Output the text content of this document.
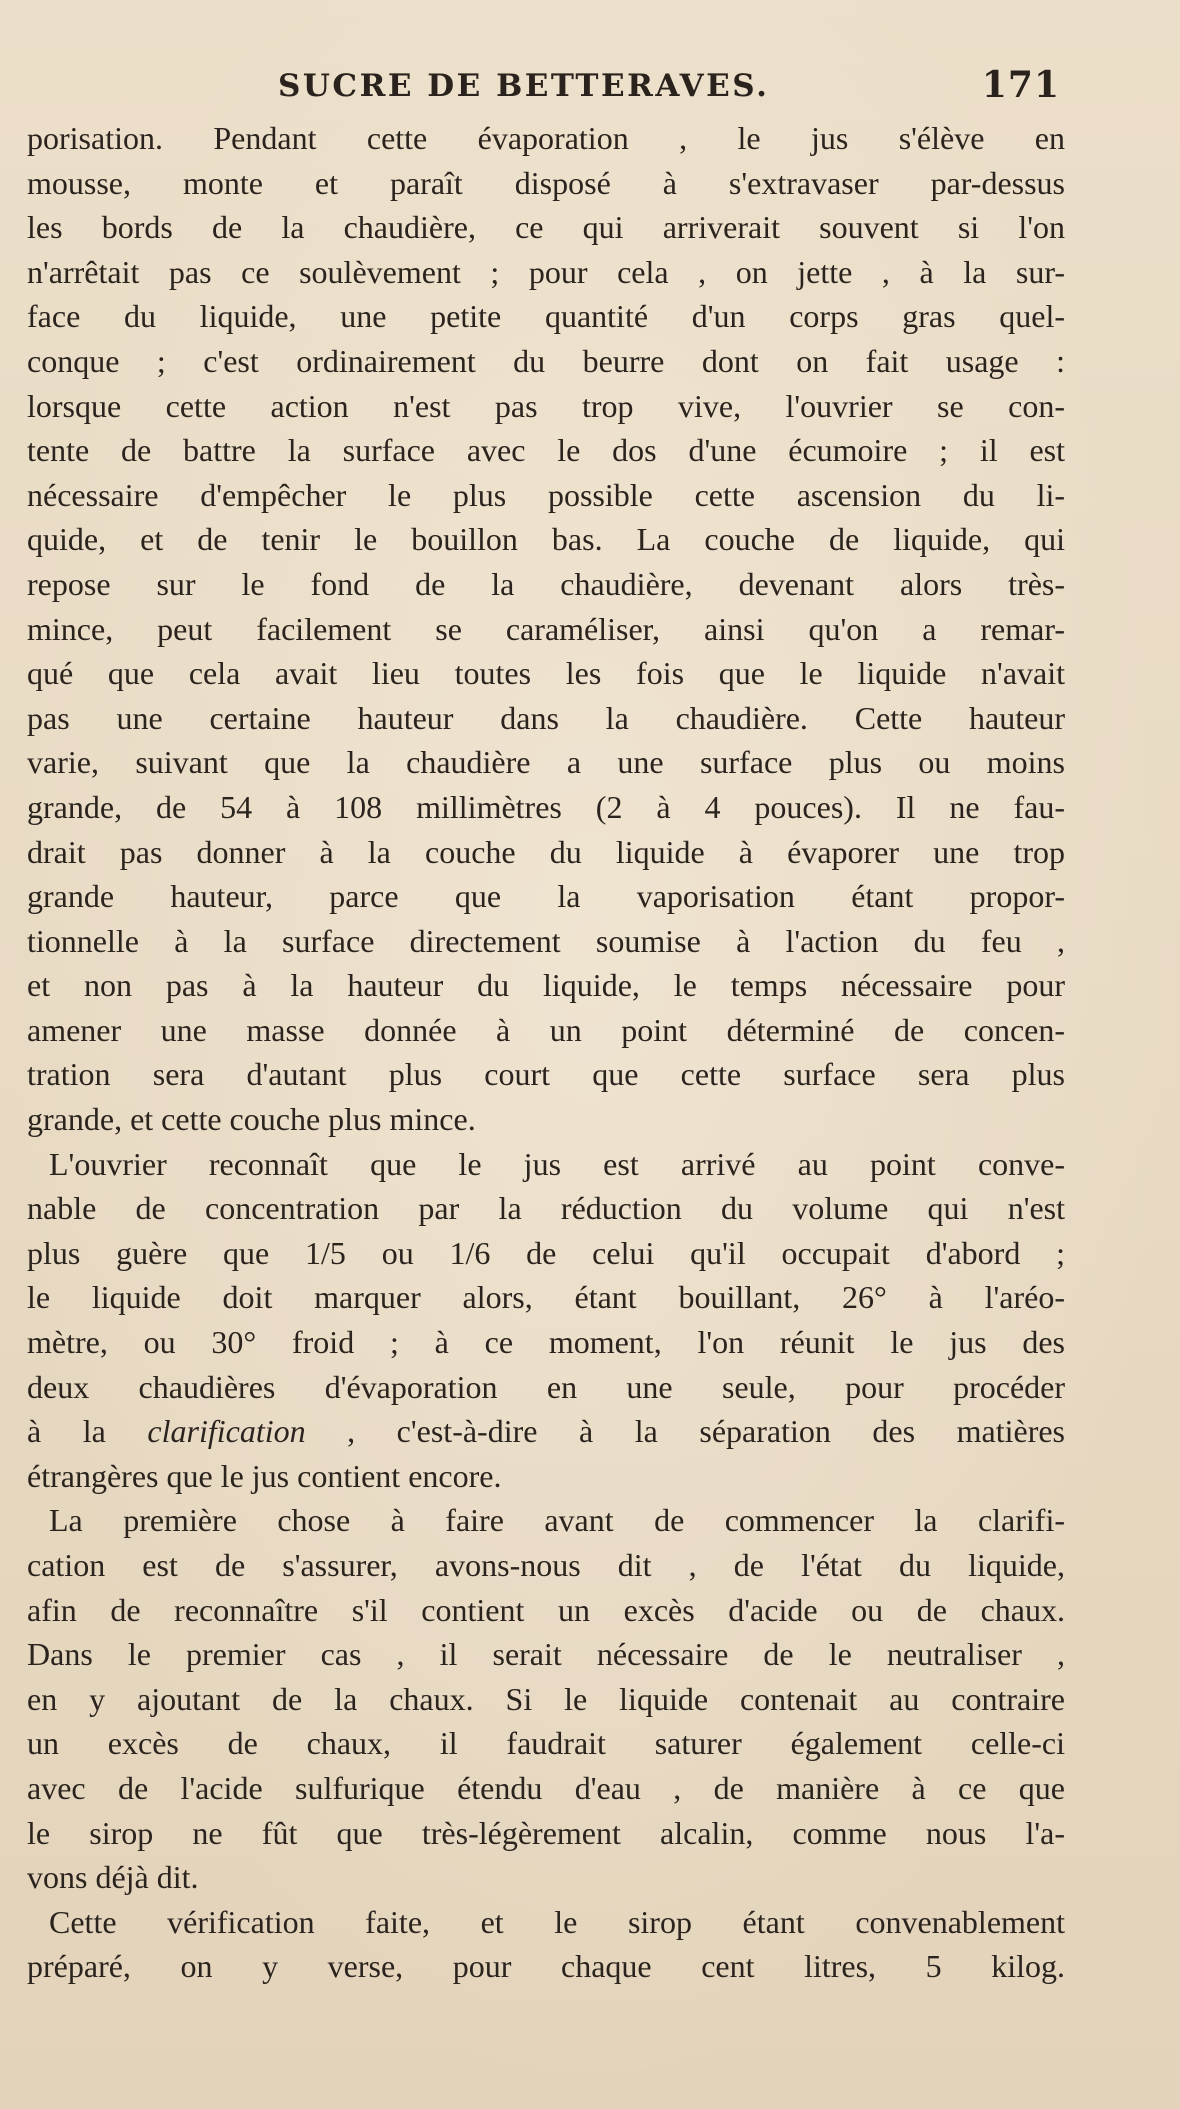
SUCRE DE BETTERAVES.	171
porisation. Pendant cette évaporation , le jus s'élève en
mousse, monte et paraît disposé à s'extravaser par-dessus
les bords de la chaudière, ce qui arriverait souvent si l'on
n'arrêtait pas ce soulèvement ; pour cela , on jette , à la sur-
face du liquide, une petite quantité d'un corps gras quel-
conque ; c'est ordinairement du beurre dont on fait usage :
lorsque cette action n'est pas trop vive, l'ouvrier se con-
tente de battre la surface avec le dos d'une écumoire ; il est
nécessaire d'empêcher le plus possible cette ascension du li-
quide, et de tenir le bouillon bas. La couche de liquide, qui
repose sur le fond de la chaudière, devenant alors très-
mince, peut facilement se caraméliser, ainsi qu'on a remar-
qué que cela avait lieu toutes les fois que le liquide n'avait
pas une certaine hauteur dans la chaudière. Cette hauteur
varie, suivant que la chaudière a une surface plus ou moins
grande, de 54 à 108 millimètres (2 à 4 pouces). Il ne fau-
drait pas donner à la couche du liquide à évaporer une trop
grande hauteur, parce que la vaporisation étant propor-
tionnelle à la surface directement soumise à l'action du feu ,
et non pas à la hauteur du liquide, le temps nécessaire pour
amener une masse donnée à un point déterminé de concen-
tration sera d'autant plus court que cette surface sera plus
grande, et cette couche plus mince.
L'ouvrier reconnaît que le jus est arrivé au point conve-
nable de concentration par la réduction du volume qui n'est
plus guère que 1/5 ou 1/6 de celui qu'il occupait d'abord ;
le liquide doit marquer alors, étant bouillant, 26° à l'aréo-
mètre, ou 30° froid ; à ce moment, l'on réunit le jus des
deux chaudières d'évaporation en une seule, pour procéder
à la clarification , c'est-à-dire à la séparation des matières
étrangères que le jus contient encore.
La première chose à faire avant de commencer la clarifi-
cation est de s'assurer, avons-nous dit , de l'état du liquide,
afin de reconnaître s'il contient un excès d'acide ou de chaux.
Dans le premier cas , il serait nécessaire de le neutraliser ,
en y ajoutant de la chaux. Si le liquide contenait au contraire
un excès de chaux, il faudrait saturer également celle-ci
avec de l'acide sulfurique étendu d'eau , de manière à ce que
le sirop ne fût que très-légèrement alcalin, comme nous l'a-
vons déjà dit.
Cette vérification faite, et le sirop étant convenablement
préparé, on y verse, pour chaque cent litres, 5 kilog.
